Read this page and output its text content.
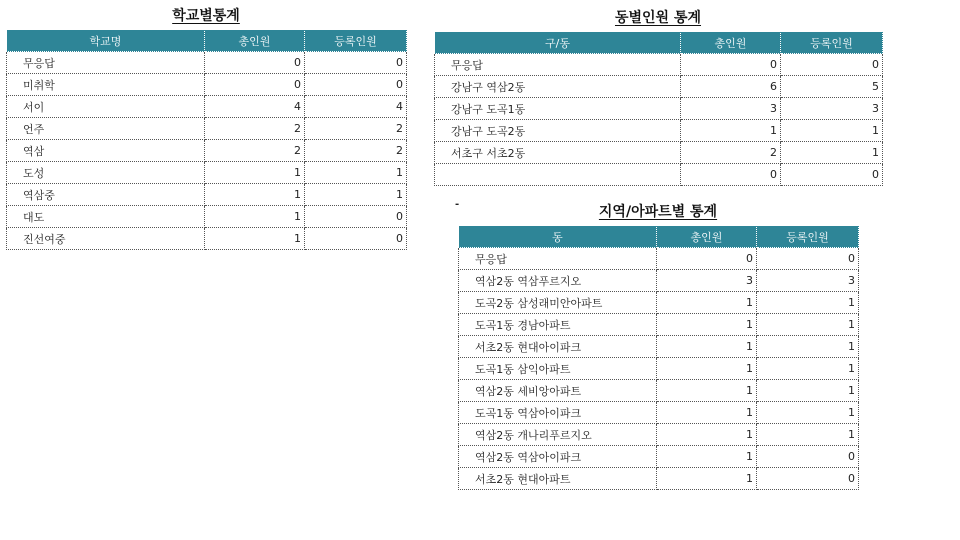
학교별통계
학교명	총인원	등록인원
무응답	0	0
미취학	0	0
서이	4	4
언주	2	2
역삼	2	2
도성	1	1
역삼중	1	1
대도	1	0
진선여중	1	0
동별인원 통계
구/동	총인원	등록인원
무응답	0	0
강남구 역삼2동	6	5
강남구 도곡1동	3	3
강남구 도곡2동	1	1
서초구 서초2동	2	1
	0	0
-	지역/아파트별 통계
동	총인원	등록인원
무응답	0	0
역삼2동 역삼푸르지오	3	3
도곡2동 삼성래미안아파트	1	1
도곡1동 경남아파트	1	1
서초2동 현대아이파크	1	1
도곡1동 삼익아파트	1	1
역삼2동 세비앙아파트	1	1
도곡1동 역삼아이파크	1	1
역삼2동 개나리푸르지오	1	1
역삼2동 역삼아이파크	1	0
서초2동 현대아파트	1	0
